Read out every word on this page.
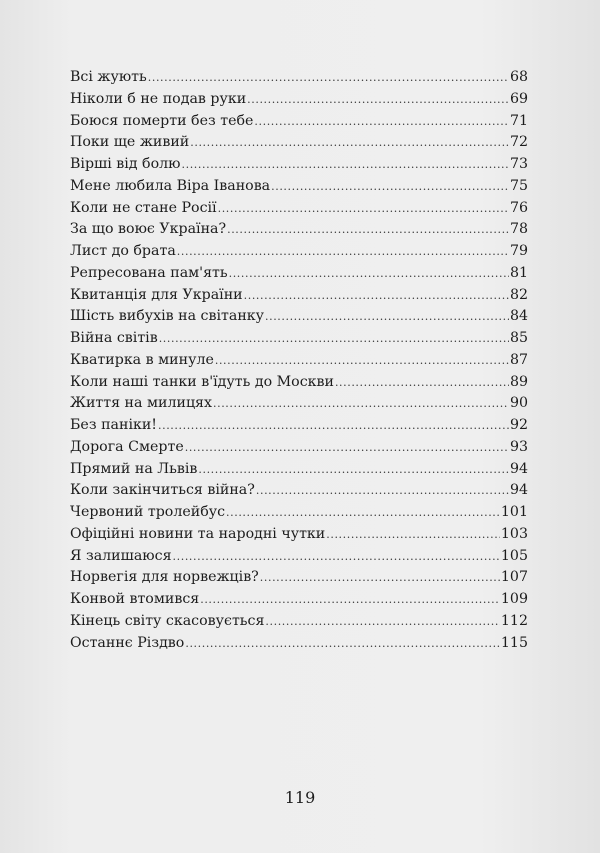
Всі жують .....	68
Ніколи б не подав руки .....	69
Боюся померти без тебе .....	71
Поки ще живий .....	72
Вірші від болю .....	73
Мене любила Віра Іванова .....	75
Коли не стане Росії .....	76
За що воює Україна? .....	78
Лист до брата .....	79
Репресована пам'ять .....	81
Квитанція для України .....	82
Шість вибухів на світанку .....	84
Війна світів .....	85
Кватирка в минуле .....	87
Коли наші танки в'їдуть до Москви .....	89
Життя на милицях .....	90
Без паніки! .....	92
Дорога Смерте .....	93
Прямий на Львів .....	94
Коли закінчиться війна? .....	94
Червоний тролейбус .....	101
Офіційні новини та народні чутки .....	103
Я залишаюся .....	105
Норвегія для норвежців? .....	107
Конвой втомився .....	109
Кінець світу скасовується .....	112
Останнє Різдво .....	115
119
